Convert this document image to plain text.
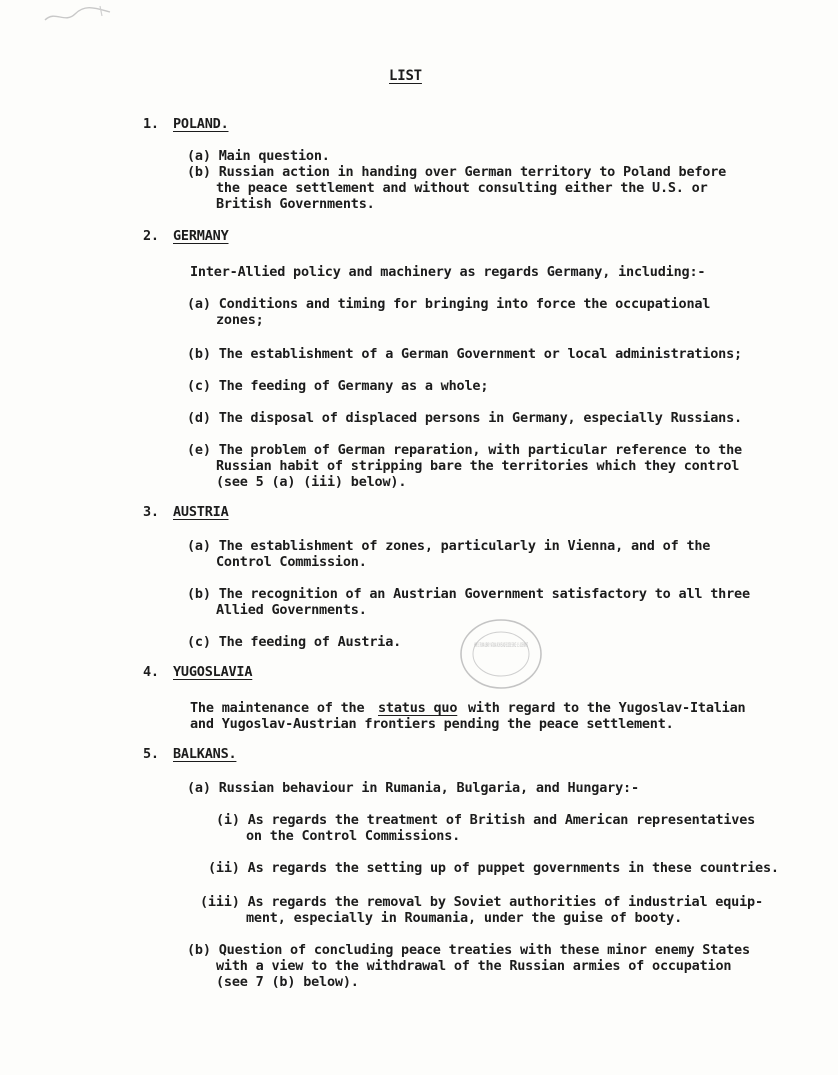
LIST
1. POLAND.
(a) Main question.
(b) Russian action in handing over German territory to Poland before
the peace settlement and without consulting either the U.S. or
British Governments.
2. GERMANY
Inter-Allied policy and machinery as regards Germany, including:-
(a) Conditions and timing for bringing into force the occupational
zones;
(b) The establishment of a German Government or local administrations;
(c) The feeding of Germany as a whole;
(d) The disposal of displaced persons in Germany, especially Russians.
(e) The problem of German reparation, with particular reference to the
Russian habit of stripping bare the territories which they control
(see 5 (a) (iii) below).
3. AUSTRIA
(a) The establishment of zones, particularly in Vienna, and of the
Control Commission.
(b) The recognition of an Austrian Government satisfactory to all three
Allied Governments.
(c) The feeding of Austria.	HARRY S. TRUMAN LIBRARY · NATIONAL ARCHIVES AND RECORDS SERVICE · U.S. GOVERNMENT
4. YUGOSLAVIA
The maintenance of the status quo with regard to the Yugoslav-Italian
and Yugoslav-Austrian frontiers pending the peace settlement.
5. BALKANS.
(a) Russian behaviour in Rumania, Bulgaria, and Hungary:-
(i) As regards the treatment of British and American representatives
on the Control Commissions.
(ii) As regards the setting up of puppet governments in these countries.
(iii) As regards the removal by Soviet authorities of industrial equip-
ment, especially in Roumania, under the guise of booty.
(b) Question of concluding peace treaties with these minor enemy States
with a view to the withdrawal of the Russian armies of occupation
(see 7 (b) below).
